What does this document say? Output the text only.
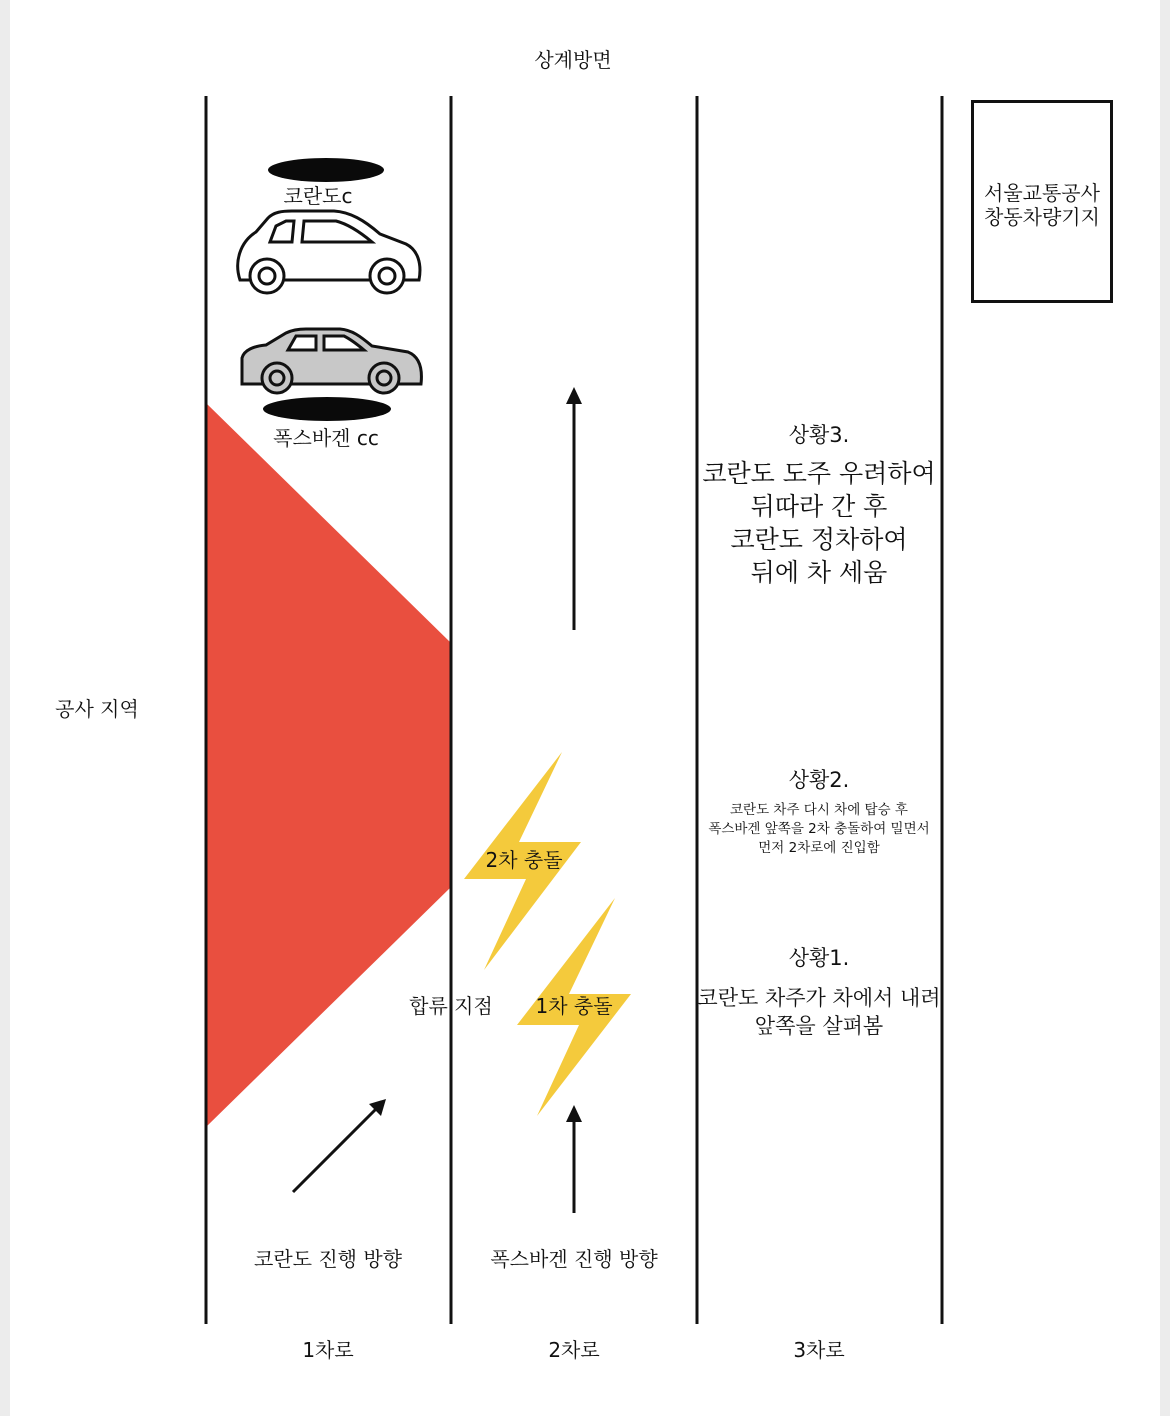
상계방면
서울교통공사
창동차량기지
코란도c
폭스바겐 cc
공사 지역
2차 충돌
1차 충돌
합류 지점
상황3.
코란도 도주 우려하여
뒤따라 간 후
코란도 정차하여
뒤에 차 세움
상황2.
코란도 차주 다시 차에 탑승 후
폭스바겐 앞쪽을 2차 충돌하여 밀면서
먼저 2차로에 진입함
상황1.
코란도 차주가 차에서 내려
앞쪽을 살펴봄
코란도 진행 방향	폭스바겐 진행 방향
1차로	2차로	3차로
